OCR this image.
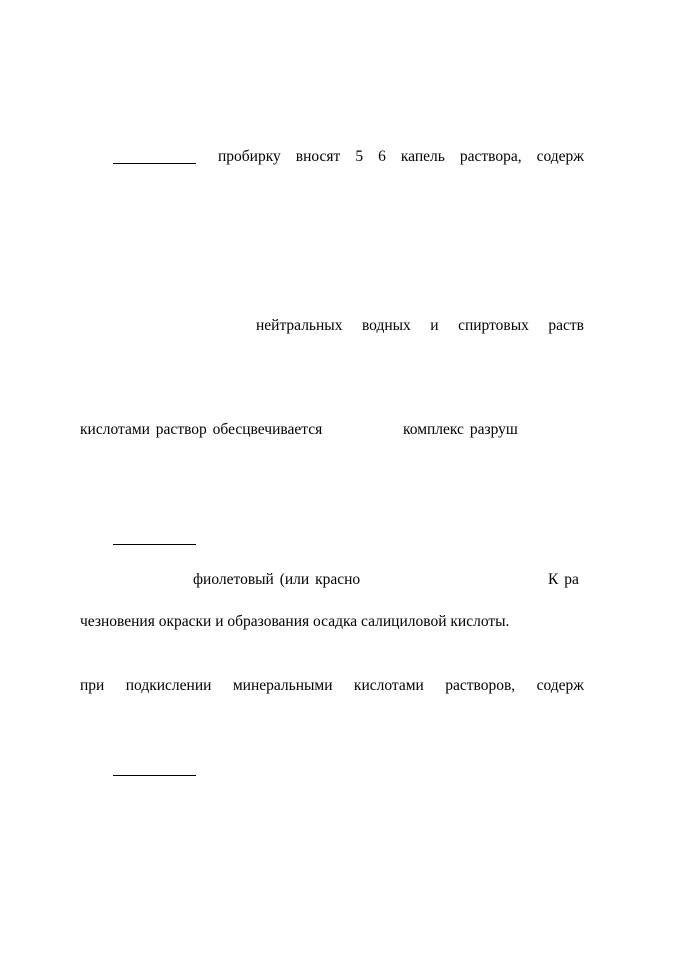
пробирку вносят 5 6 капель раствора, содерж
нейтральных водных и спиртовых раств
кислотами раствор обесцвечивается	комплекс разруш
фиолетовый (или красно	К ра
чезновения окраски и образования осадка салициловой кислоты.
при подкислении минеральными кислотами растворов, содерж
